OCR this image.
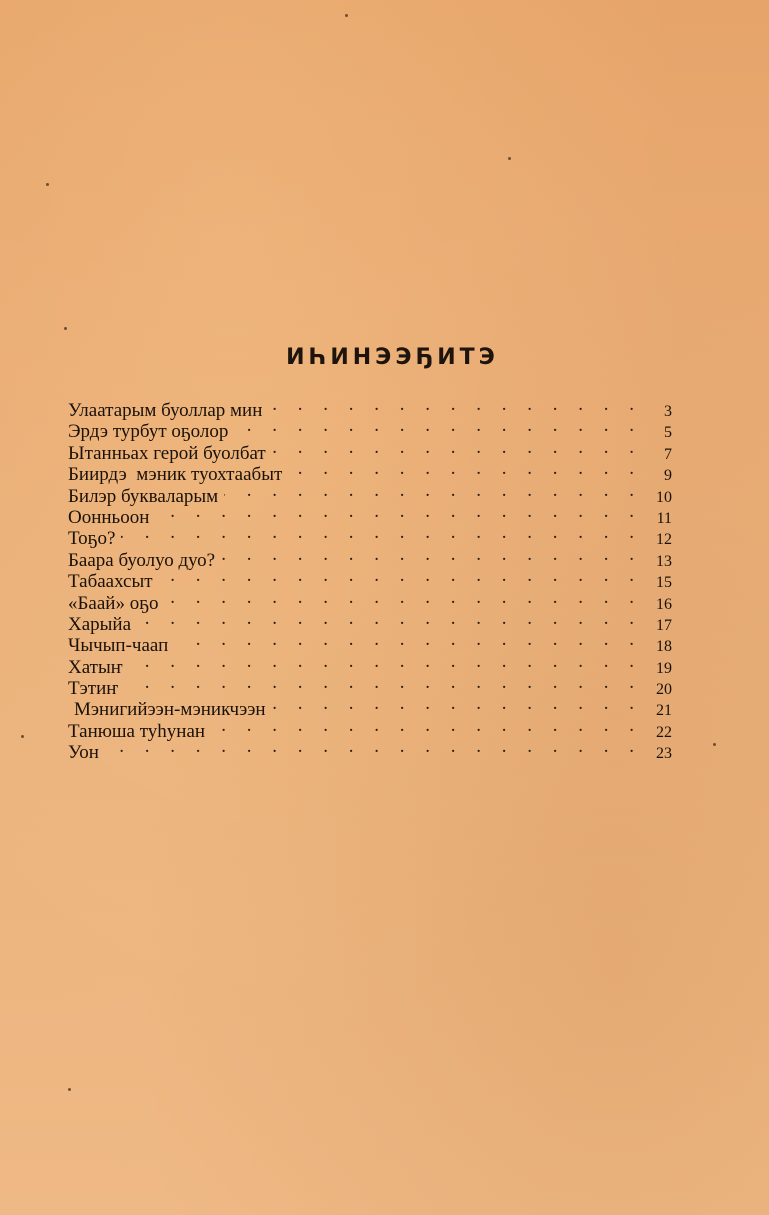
ИҺИНЭЭҔИТЭ
Улаатарым буоллар мин . . .	3
Эрдэ турбут оҕолор . . .	5
Ытанньах герой буолбат . . .	7
Биирдэ  мэник туохтаабыт . . .	9
Билэр букваларым . . .	10
Оонньоон . . .	11
Тоҕо? . . .	12
Баара буолуо дуо? . . .	13
Табаахсыт . . .	15
«Баай» оҕо . . .	16
Харыйа . . .	17
Чычып-чаап . . .	18
Хатыҥ . . .	19
Тэтиҥ . . .	20
Мэнигийээн-мэникчээн . . .	21
Танюша туһунан . . .	22
Уон . . .	23
